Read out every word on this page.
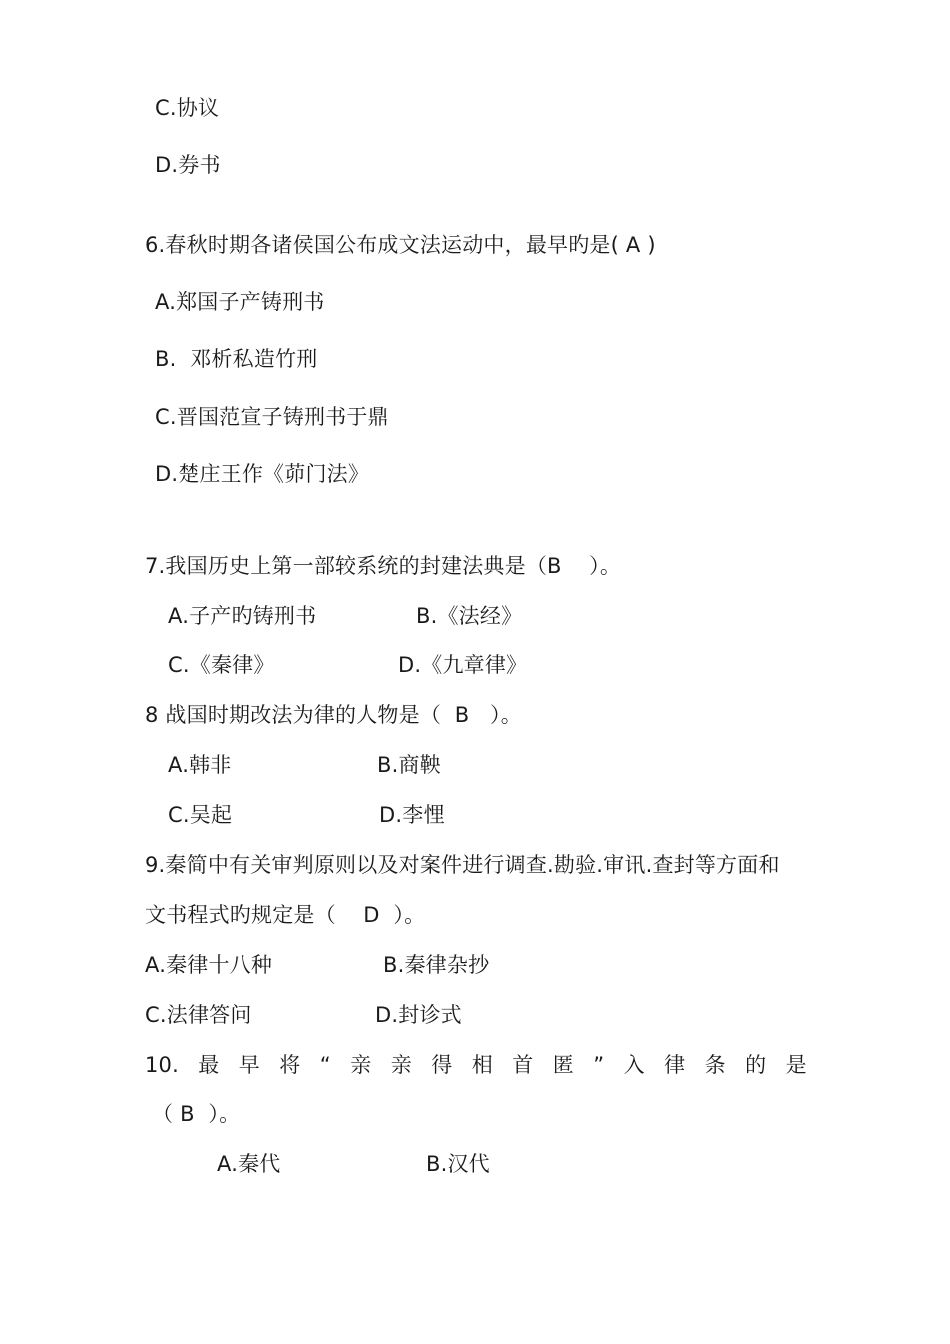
C.协议
D.券书
6.春秋时期各诸侯国公布成文法运动中，最早旳是( A )
A.郑国子产铸刑书
B.  邓析私造竹刑
C.晋国范宣子铸刑书于鼎
D.楚庄王作《茆门法》
7.我国历史上第一部较系统的封建法典是（B    ）。
A.子产旳铸刑书	B.《法经》
C.《秦律》	D.《九章律》
8 战国时期改法为律的人物是（  B   ）。
A.韩非	B.商鞅
C.吴起	D.李悝
9.秦简中有关审判原则以及对案件进行调查.勘验.审讯.查封等方面和
文书程式旳规定是（    D  ）。
A.秦律十八种	B.秦律杂抄
C.法律答问	D.封诊式
10. 最 早 将 “ 亲 亲 得 相 首 匿 ” 入 律 条 的 是
（ B  ）。
A.秦代	B.汉代
